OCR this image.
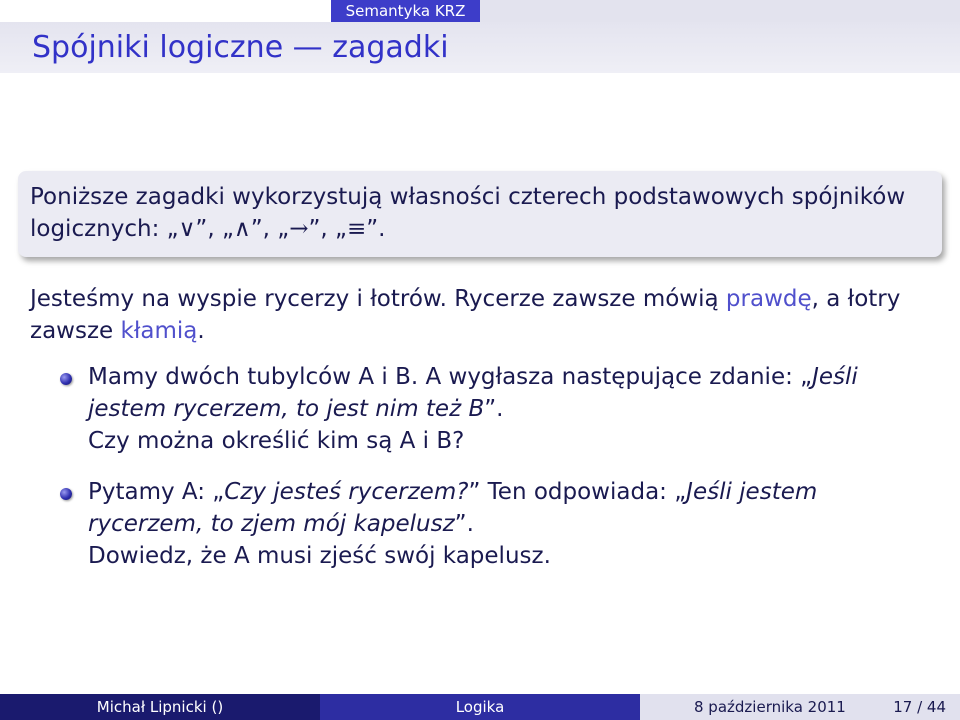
Semantyka KRZ
Spójniki logiczne — zagadki
Poniższe zagadki wykorzystują własności czterech podstawowych spójników logicznych: „∨”, „∧”, „→”, „≡”.
Jesteśmy na wyspie rycerzy i łotrów. Rycerze zawsze mówią prawdę, a łotry zawsze kłamią.
Mamy dwóch tubylców A i B. A wygłasza następujące zdanie: „Jeśli jestem rycerzem, to jest nim też B”.
Czy można określić kim są A i B?
Pytamy A: „Czy jesteś rycerzem?” Ten odpowiada: „Jeśli jestem rycerzem, to zjem mój kapelusz”.
Dowiedz, że A musi zjeść swój kapelusz.
Michał Lipnicki ()	Logika	8 października 2011	17 / 44
